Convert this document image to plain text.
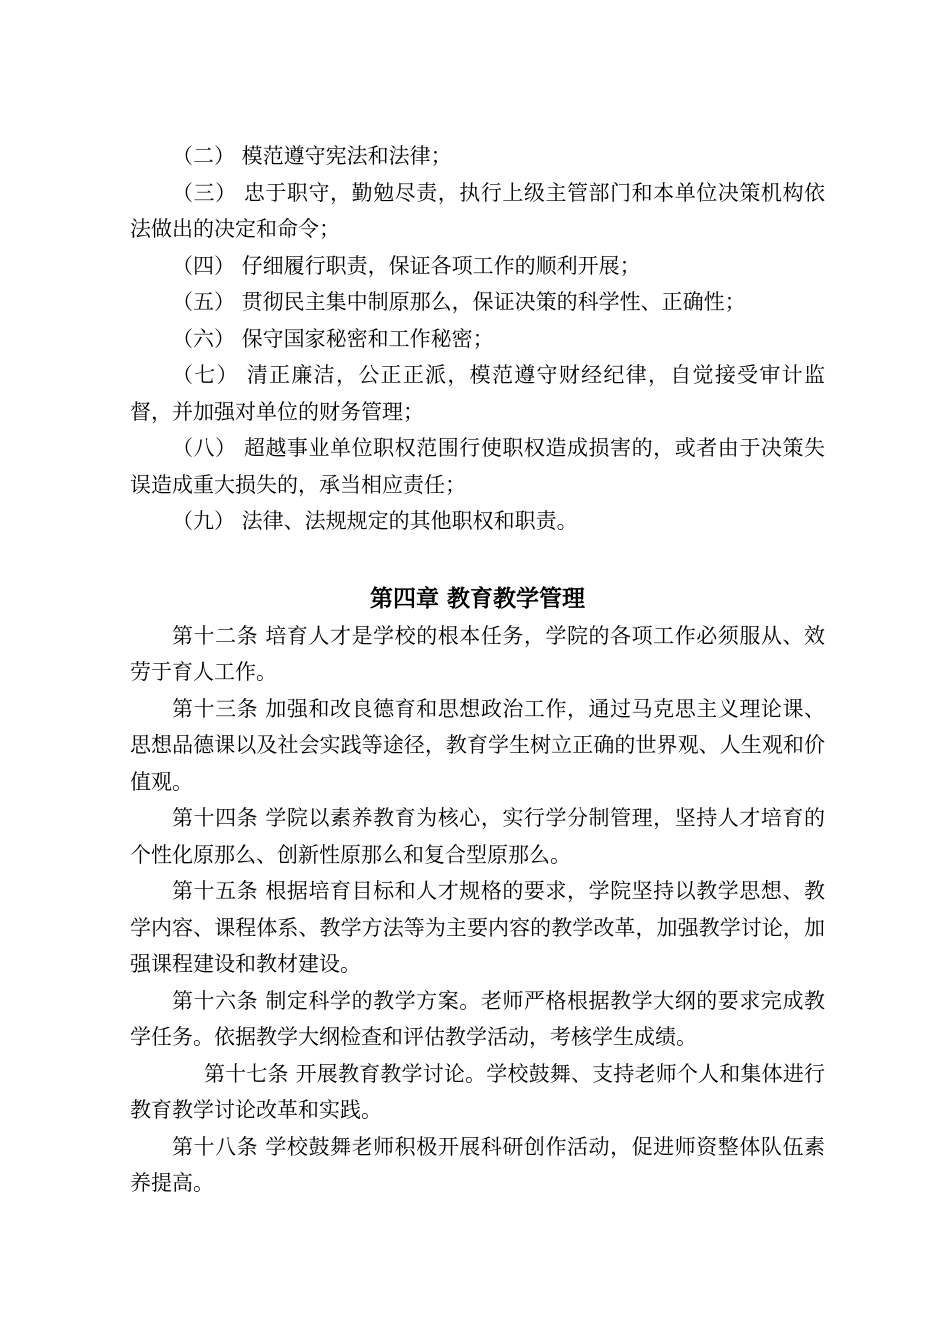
（二） 模范遵守宪法和法律；

（三） 忠于职守，勤勉尽责，执行上级主管部门和本单位决策机构依法做出的决定和命令；

（四） 仔细履行职责，保证各项工作的顺利开展；

（五） 贯彻民主集中制原那么，保证决策的科学性、正确性；

（六） 保守国家秘密和工作秘密；

（七） 清正廉洁，公正正派，模范遵守财经纪律，自觉接受审计监督，并加强对单位的财务管理；

（八） 超越事业单位职权范围行使职权造成损害的，或者由于决策失误造成重大损失的，承当相应责任；

（九） 法律、法规规定的其他职权和职责。

第四章 教育教学管理

第十二条 培育人才是学校的根本任务，学院的各项工作必须服从、效劳于育人工作。

第十三条 加强和改良德育和思想政治工作，通过马克思主义理论课、思想品德课以及社会实践等途径，教育学生树立正确的世界观、人生观和价值观。

第十四条 学院以素养教育为核心，实行学分制管理，坚持人才培育的个性化原那么、创新性原那么和复合型原那么。

第十五条 根据培育目标和人才规格的要求，学院坚持以教学思想、教学内容、课程体系、教学方法等为主要内容的教学改革，加强教学讨论，加强课程建设和教材建设。

第十六条 制定科学的教学方案。老师严格根据教学大纲的要求完成教学任务。依据教学大纲检查和评估教学活动，考核学生成绩。

第十七条 开展教育教学讨论。学校鼓舞、支持老师个人和集体进行教育教学讨论改革和实践。

第十八条 学校鼓舞老师积极开展科研创作活动，促进师资整体队伍素养提高。
